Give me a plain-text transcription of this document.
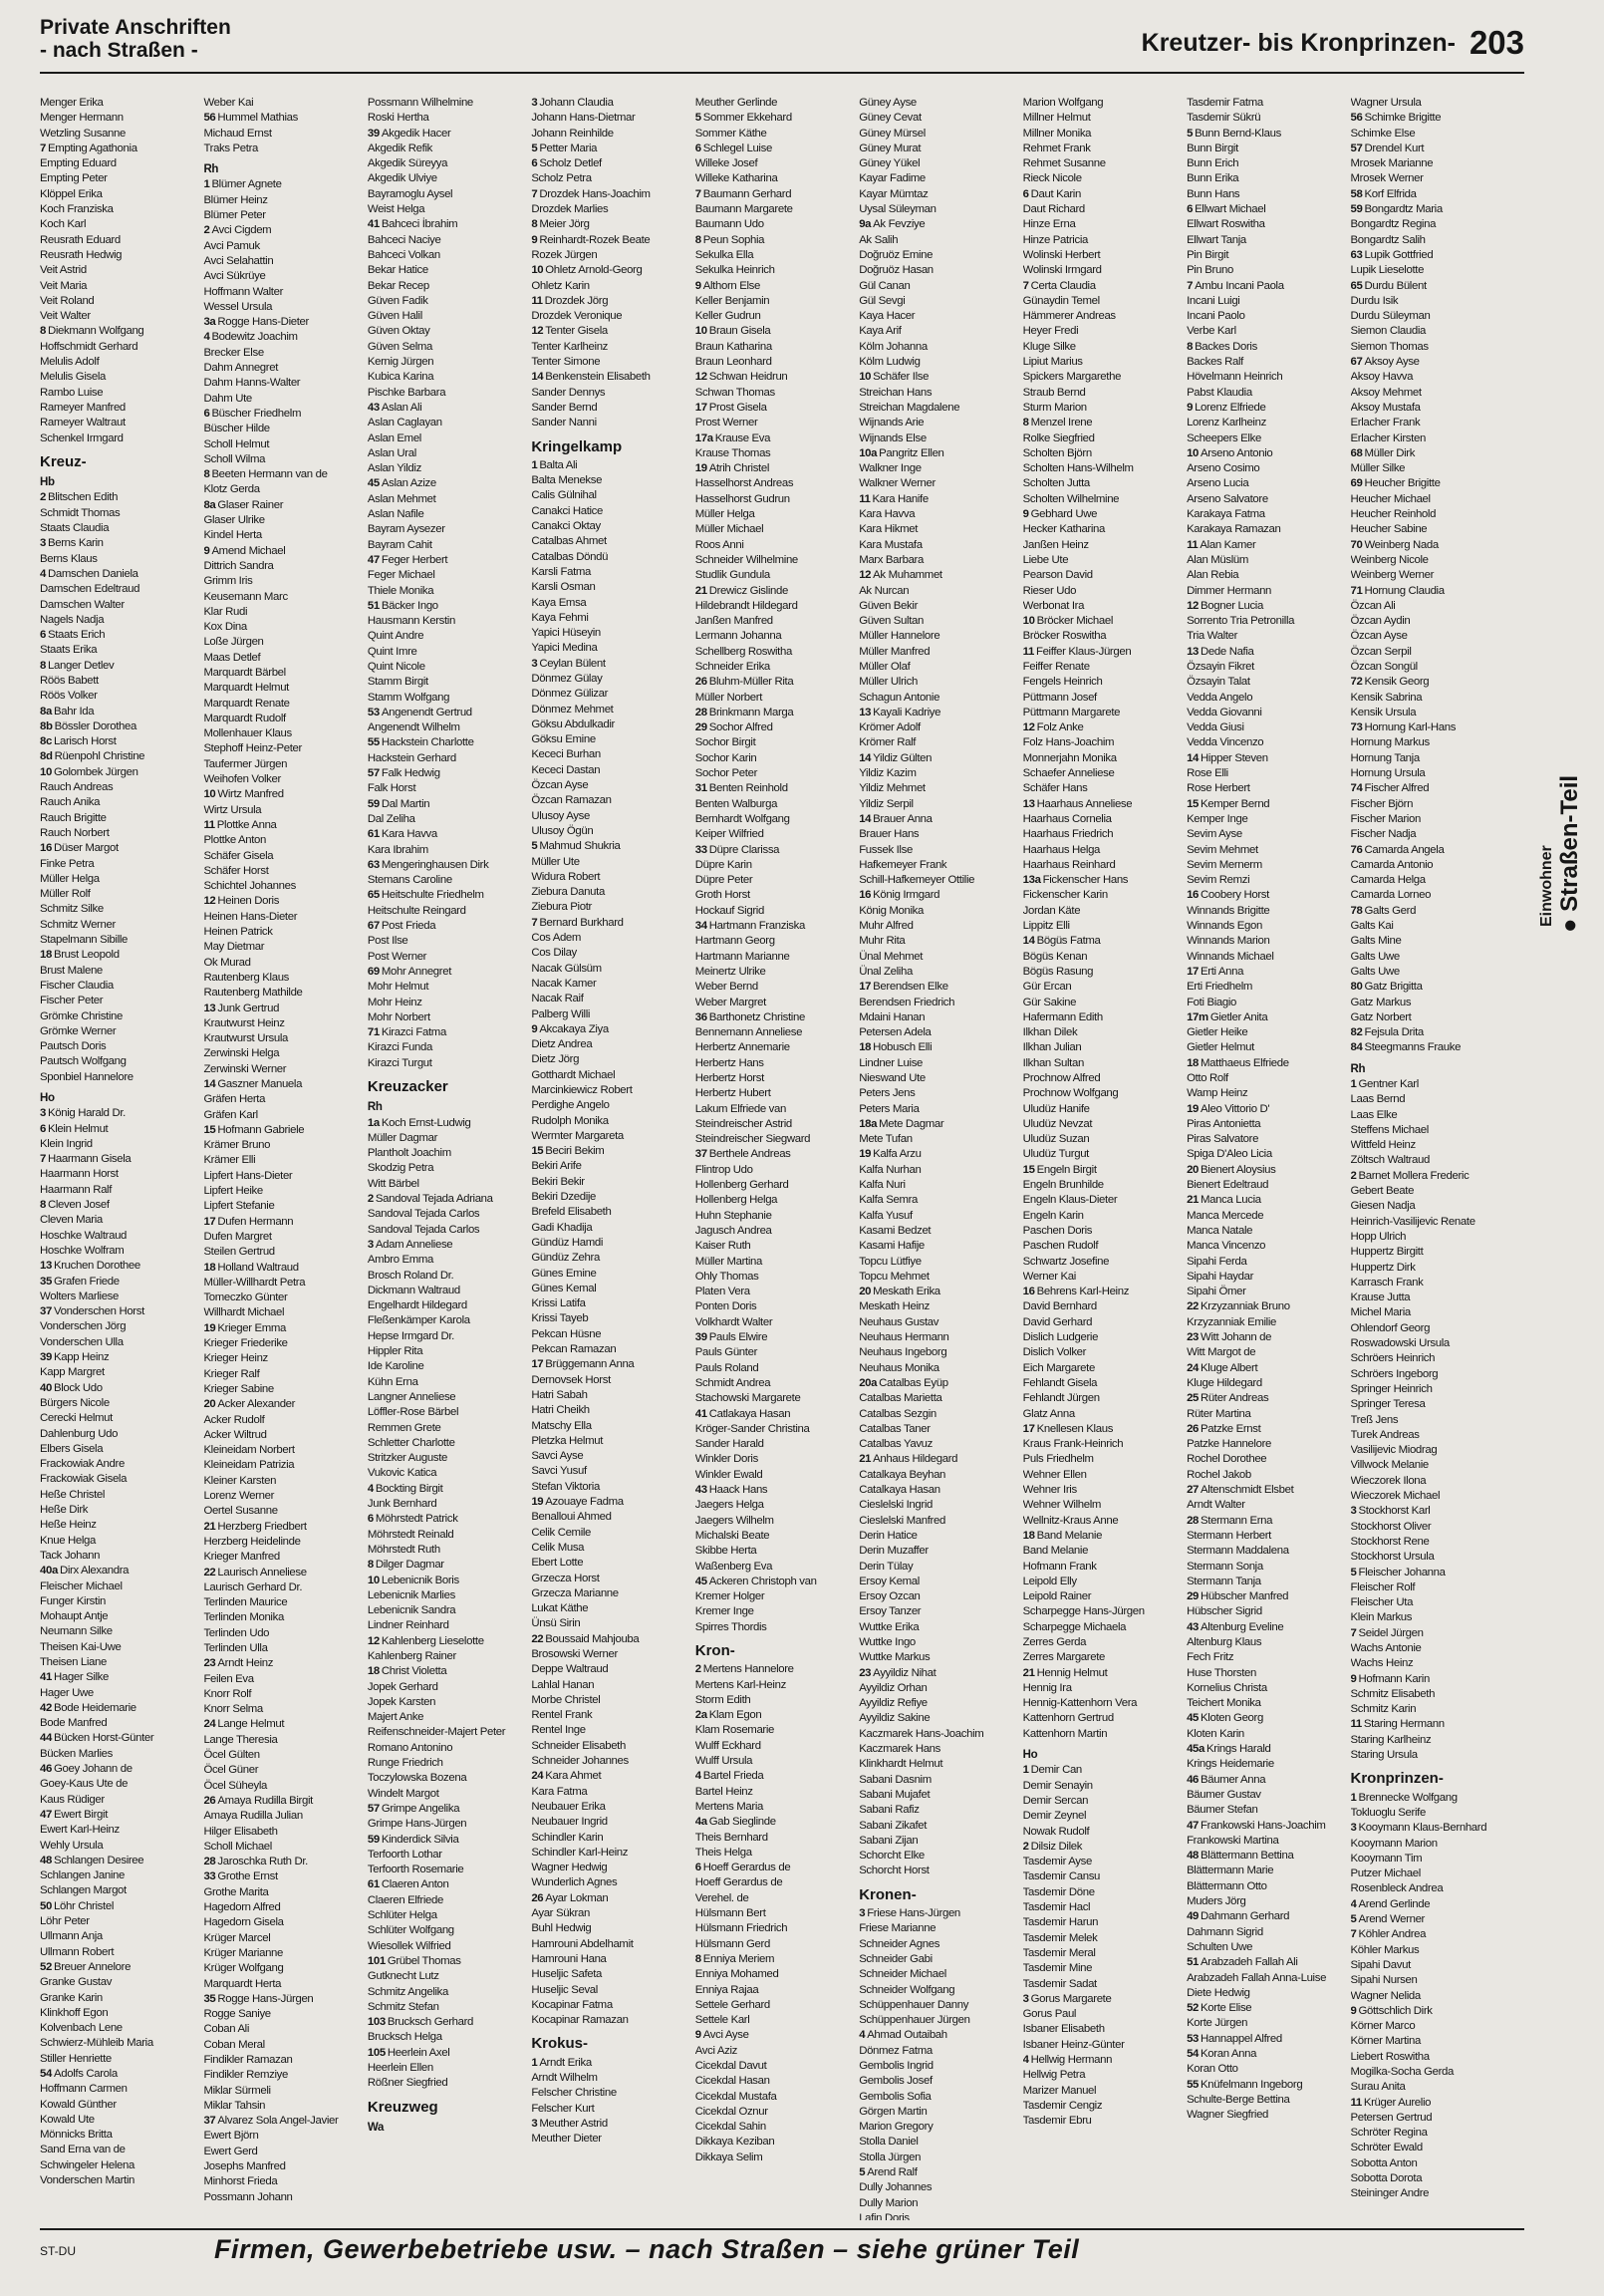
Private Anschriften
- nach Straßen -	Kreutzer- bis Kronprinzen- 203
Menger Erika
Menger Hermann
Wetzling Susanne
7 Empting Agathonia
Empting Eduard
Empting Peter
Klöppel Erika
Koch Franziska
Koch Karl
Reusrath Eduard
Reusrath Hedwig
Veit Astrid
Veit Maria
Veit Roland
Veit Walter
8 Diekmann Wolfgang
Hoffschmidt Gerhard
Melulis Adolf
Melulis Gisela
Rambo Luise
Rameyer Manfred
Rameyer Waltraut
Schenkel Irmgard
Kreuz-
Hb
2 Blitschen Edith
Schmidt Thomas
Staats Claudia
3 Berns Karin
Berns Klaus
4 Damschen Daniela
Damschen Edeltraud
Damschen Walter
Nagels Nadja
6 Staats Erich
Staats Erika
8 Langer Detlev
Röös Babett
Röös Volker
8a Bahr Ida
8b Bössler Dorothea
8c Larisch Horst
8d Rüenpohl Christine
10 Golombek Jürgen
Rauch Andreas
Rauch Anika
Rauch Brigitte
Rauch Norbert
16 Düser Margot
Finke Petra
Müller Helga
Müller Rolf
Schmitz Silke
Schmitz Werner
Stapelmann Sibille
18 Brust Leopold
Brust Malene
Fischer Claudia
Fischer Peter
Grömke Christine
Grömke Werner
Pautsch Doris
Pautsch Wolfgang
Sponbiel Hannelore
Ho
3 König Harald Dr.
6 Klein Helmut
Klein Ingrid
7 Haarmann Gisela
Haarmann Horst
Haarmann Ralf
8 Cleven Josef
Cleven Maria
Hoschke Waltraud
Hoschke Wolfram
13 Kruchen Dorothee
35 Grafen Friede
Wolters Marliese
37 Vonderschen Horst
Vonderschen Jörg
Vonderschen Ulla
39 Kapp Heinz
Kapp Margret
40 Block Udo
Bürgers Nicole
Cerecki Helmut
Dahlenburg Udo
Elbers Gisela
Frackowiak Andre
Frackowiak Gisela
Heße Christel
Heße Dirk
Heße Heinz
Knue Helga
Tack Johann
40a Dirx Alexandra
Fleischer Michael
Funger Kirstin
Mohaupt Antje
Neumann Silke
Theisen Kai-Uwe
Theisen Liane
41 Hager Silke
Hager Uwe
42 Bode Heidemarie
Bode Manfred
44 Bücken Horst-Günter
Bücken Marlies
46 Goey Johann de
Goey-Kaus Ute de
Kaus Rüdiger
47 Ewert Birgit
Ewert Karl-Heinz
Wehly Ursula
48 Schlangen Desiree
Schlangen Janine
Schlangen Margot
50 Löhr Christel
Löhr Peter
Ullmann Anja
Ullmann Robert
52 Breuer Annelore
Granke Gustav
Granke Karin
Klinkhoff Egon
Kolvenbach Lene
Schwierz-Mühleib Maria
Stiller Henriette
54 Adolfs Carola
Hoffmann Carmen
Kowald Günther
Kowald Ute
Mönnicks Britta
Sand Erna van de
Schwingeler Helena
Vonderschen Martin
Weber Kai
56 Hummel Mathias
Michaud Ernst
Traks Petra
Rh
1 Blümer Agnete
Blümer Heinz
Blümer Peter
2 Avci Cigdem
Avci Pamuk
Avci Selahattin
Avci Sükrüye
Hoffmann Walter
Wessel Ursula
3a Rogge Hans-Dieter
4 Bodewitz Joachim
Brecker Else
Dahm Annegret
Dahm Hanns-Walter
Dahm Ute
6 Büscher Friedhelm
Büscher Hilde
Scholl Helmut
Scholl Wilma
8 Beeten Hermann van de
Klotz Gerda
8a Glaser Rainer
Glaser Ulrike
Kindel Herta
9 Amend Michael
Dittrich Sandra
Grimm Iris
Keusemann Marc
Klar Rudi
Kox Dina
Loße Jürgen
Maas Detlef
Marquardt Bärbel
Marquardt Helmut
Marquardt Renate
Marquardt Rudolf
Mollenhauer Klaus
Stephoff Heinz-Peter
Taufermer Jürgen
Weihofen Volker
10 Wirtz Manfred
Wirtz Ursula
11 Plottke Anna
Plottke Anton
Schäfer Gisela
Schäfer Horst
Schichtel Johannes
12 Heinen Doris
Heinen Hans-Dieter
Heinen Patrick
May Dietmar
Ok Murad
Rautenberg Klaus
Rautenberg Mathilde
13 Junk Gertrud
Krautwurst Heinz
Krautwurst Ursula
Zerwinski Helga
Zerwinski Werner
14 Gaszner Manuela
Gräfen Herta
Gräfen Karl
15 Hofmann Gabriele
Krämer Bruno
Krämer Elli
Lipfert Hans-Dieter
Lipfert Heike
Lipfert Stefanie
17 Dufen Hermann
Dufen Margret
Steilen Gertrud
18 Holland Waltraud
Müller-Willhardt Petra
Tomeczko Günter
Willhardt Michael
19 Krieger Emma
Krieger Friederike
Krieger Heinz
Krieger Ralf
Krieger Sabine
20 Acker Alexander
Acker Rudolf
Acker Wiltrud
Kleineidam Norbert
Kleineidam Patrizia
Kleiner Karsten
Lorenz Werner
Oertel Susanne
21 Herzberg Friedbert
Herzberg Heidelinde
Krieger Manfred
22 Laurisch Anneliese
Laurisch Gerhard Dr.
Terlinden Maurice
Terlinden Monika
Terlinden Udo
Terlinden Ulla
23 Arndt Heinz
Feilen Eva
Knorr Rolf
Knorr Selma
24 Lange Helmut
Lange Theresia
Öcel Gülten
Öcel Güner
Öcel Süheyla
26 Amaya Rudilla Birgit
Amaya Rudilla Julian
Hilger Elisabeth
Scholl Michael
28 Jaroschka Ruth Dr.
33 Grothe Ernst
Grothe Marita
Hagedorn Alfred
Hagedorn Gisela
Krüger Marcel
Krüger Marianne
Krüger Wolfgang
Marquardt Herta
35 Rogge Hans-Jürgen
Rogge Saniye
Coban Ali
Coban Meral
Findikler Ramazan
Findikler Remziye
Miklar Sürmeli
Miklar Tahsin
37 Alvarez Sola Angel-Javier
Ewert Björn
Ewert Gerd
Josephs Manfred
Minhorst Frieda
Possmann Johann
Possmann Wilhelmine
Roski Hertha
39 Akgedik Hacer
Akgedik Refik
Akgedik Süreyya
Akgedik Ulviye
Bayramoglu Aysel
Weist Helga
41 Bahceci İbrahim
Bahceci Naciye
Bahceci Volkan
Bekar Hatice
Bekar Recep
Güven Fadik
Güven Halil
Güven Oktay
Güven Selma
Kernig Jürgen
Kubica Karina
Pischke Barbara
43 Aslan Ali
Aslan Caglayan
Aslan Emel
Aslan Ural
Aslan Yildiz
45 Aslan Azize
Aslan Mehmet
Aslan Nafile
Bayram Aysezer
Bayram Cahit
47 Feger Herbert
Feger Michael
Thiele Monika
51 Bäcker Ingo
Hausmann Kerstin
Quint Andre
Quint Imre
Quint Nicole
Stamm Birgit
Stamm Wolfgang
53 Angenendt Gertrud
Angenendt Wilhelm
55 Hackstein Charlotte
Hackstein Gerhard
57 Falk Hedwig
Falk Horst
59 Dal Martin
Dal Zeliha
61 Kara Havva
Kara Ibrahim
63 Mengeringhausen Dirk
Stemans Caroline
65 Heitschulte Friedhelm
Heitschulte Reingard
67 Post Frieda
Post Ilse
Post Werner
69 Mohr Annegret
Mohr Helmut
Mohr Heinz
Mohr Norbert
71 Kirazci Fatma
Kirazci Funda
Kirazci Turgut
Kreuzacker
Rh
1a Koch Ernst-Ludwig
Müller Dagmar
Plantholt Joachim
Skodzig Petra
Witt Bärbel
2 Sandoval Tejada Adriana
Sandoval Tejada Carlos
Sandoval Tejada Carlos
3 Adam Anneliese
Ambro Emma
Brosch Roland Dr.
Dickmann Waltraud
Engelhardt Hildegard
Fleßenkämper Karola
Hepse Irmgard Dr.
Hippler Rita
Ide Karoline
Kühn Erna
Langner Anneliese
Löffler-Rose Bärbel
Remmen Grete
Schletter Charlotte
Stritzker Auguste
Vukovic Katica
4 Bockting Birgit
Junk Bernhard
6 Möhrstedt Patrick
Möhrstedt Reinald
Möhrstedt Ruth
8 Dilger Dagmar
10 Lebenicnik Boris
Lebenicnik Marlies
Lebenicnik Sandra
Lindner Reinhard
12 Kahlenberg Lieselotte
Kahlenberg Rainer
18 Christ Violetta
Jopek Gerhard
Jopek Karsten
Majert Anke
Reifenschneider-Majert Peter
Romano Antonino
Runge Friedrich
Toczylowska Bozena
Windelt Margot
57 Grimpe Angelika
Grimpe Hans-Jürgen
59 Kinderdick Silvia
Terfoorth Lothar
Terfoorth Rosemarie
61 Claeren Anton
Claeren Elfriede
Schlüter Helga
Schlüter Wolfgang
Wiesollek Wilfried
101 Grübel Thomas
Gutknecht Lutz
Schmitz Angelika
Schmitz Stefan
103 Brucksch Gerhard
Brucksch Helga
105 Heerlein Axel
Heerlein Ellen
Rößner Siegfried
Kreuzweg
Wa
3 Johann Claudia
Johann Hans-Dietmar
Johann Reinhilde
5 Petter Maria
6 Scholz Detlef
Scholz Petra
7 Drozdek Hans-Joachim
Drozdek Marlies
8 Meier Jörg
9 Reinhardt-Rozek Beate
Rozek Jürgen
10 Ohletz Arnold-Georg
Ohletz Karin
11 Drozdek Jörg
Drozdek Veronique
12 Tenter Gisela
Tenter Karlheinz
Tenter Simone
14 Benkenstein Elisabeth
Sander Dennys
Sander Bernd
Sander Nanni
Kringelkamp
1 Balta Ali
Balta Menekse
Calis Gülnihal
Canakci Hatice
Canakci Oktay
Catalbas Ahmet
Catalbas Döndü
Karsli Fatma
Karsli Osman
Kaya Emsa
Kaya Fehmi
Yapici Hüseyin
Yapici Medina
3 Ceylan Bülent
Dönmez Gülay
Dönmez Gülizar
Dönmez Mehmet
Göksu Abdulkadir
Göksu Emine
Kececi Burhan
Kececi Dastan
Özcan Ayse
Özcan Ramazan
Ulusoy Ayse
Ulusoy Ögün
5 Mahmud Shukria
Müller Ute
Widura Robert
Ziebura Danuta
Ziebura Piotr
7 Bernard Burkhard
Cos Adem
Cos Dilay
Nacak Gülsüm
Nacak Kamer
Nacak Raif
Palberg Willi
9 Akcakaya Ziya
Dietz Andrea
Dietz Jörg
Gotthardt Michael
Marcinkiewicz Robert
Perdighe Angelo
Rudolph Monika
Wermter Margareta
15 Beciri Bekim
Bekiri Arife
Bekiri Bekir
Bekiri Dzedije
Brefeld Elisabeth
Gadi Khadija
Gündüz Hamdi
Gündüz Zehra
Günes Emine
Günes Kemal
Krissi Latifa
Krissi Tayeb
Pekcan Hüsne
Pekcan Ramazan
17 Brüggemann Anna
Dernovsek Horst
Hatri Sabah
Hatri Cheikh
Matschy Ella
Pletzka Helmut
Savci Ayse
Savci Yusuf
Stefan Viktoria
19 Azouaye Fadma
Benalloui Ahmed
Celik Cemile
Celik Musa
Ebert Lotte
Grzecza Horst
Grzecza Marianne
Lukat Käthe
Ünsü Sirin
22 Boussaid Mahjouba
Brosowski Werner
Deppe Waltraud
Lahlal Hanan
Morbe Christel
Rentel Frank
Rentel Inge
Schneider Elisabeth
Schneider Johannes
24 Kara Ahmet
Kara Fatma
Neubauer Erika
Neubauer Ingrid
Schindler Karin
Schindler Karl-Heinz
Wagner Hedwig
Wunderlich Agnes
26 Ayar Lokman
Ayar Sükran
Buhl Hedwig
Hamrouni Abdelhamit
Hamrouni Hana
Huseljic Safeta
Huseljic Seval
Kocapinar Fatma
Kocapinar Ramazan
Krokus-
1 Arndt Erika
Arndt Wilhelm
Felscher Christine
Felscher Kurt
3 Meuther Astrid
Meuther Dieter
Meuther Gerlinde
5 Sommer Ekkehard
Sommer Käthe
6 Schlegel Luise
Willeke Josef
Willeke Katharina
7 Baumann Gerhard
Baumann Margarete
Baumann Udo
8 Peun Sophia
Sekulka Ella
Sekulka Heinrich
9 Althorn Else
Keller Benjamin
Keller Gudrun
10 Braun Gisela
Braun Katharina
Braun Leonhard
12 Schwan Heidrun
Schwan Thomas
17 Prost Gisela
Prost Werner
17a Krause Eva
Krause Thomas
19 Atrih Christel
Hasselhorst Andreas
Hasselhorst Gudrun
Müller Helga
Müller Michael
Roos Anni
Schneider Wilhelmine
Studlik Gundula
21 Drewicz Gislinde
Hildebrandt Hildegard
Janßen Manfred
Lermann Johanna
Schellberg Roswitha
Schneider Erika
26 Bluhm-Müller Rita
Müller Norbert
28 Brinkmann Marga
29 Sochor Alfred
Sochor Birgit
Sochor Karin
Sochor Peter
31 Benten Reinhold
Benten Walburga
Bernhardt Wolfgang
Keiper Wilfried
33 Düpre Clarissa
Düpre Karin
Düpre Peter
Groth Horst
Hockauf Sigrid
34 Hartmann Franziska
Hartmann Georg
Hartmann Marianne
Meinertz Ulrike
Weber Bernd
Weber Margret
36 Barthonetz Christine
Bennemann Anneliese
Herbertz Annemarie
Herbertz Hans
Herbertz Horst
Herbertz Hubert
Lakum Elfriede van
Steindreischer Astrid
Steindreischer Siegward
37 Berthele Andreas
Flintrop Udo
Hollenberg Gerhard
Hollenberg Helga
Huhn Stephanie
Jagusch Andrea
Kaiser Ruth
Müller Martina
Ohly Thomas
Platen Vera
Ponten Doris
Volkhardt Walter
39 Pauls Elwire
Pauls Günter
Pauls Roland
Schmidt Andrea
Stachowski Margarete
41 Catlakaya Hasan
Kröger-Sander Christina
Sander Harald
Winkler Doris
Winkler Ewald
43 Haack Hans
Jaegers Helga
Jaegers Wilhelm
Michalski Beate
Skibbe Herta
Waßenberg Eva
45 Ackeren Christoph van
Kremer Holger
Kremer Inge
Spirres Thordis
Kron-
2 Mertens Hannelore
Mertens Karl-Heinz
Storm Edith
2a Klam Egon
Klam Rosemarie
Wulff Eckhard
Wulff Ursula
4 Bartel Frieda
Bartel Heinz
Mertens Maria
4a Gab Sieglinde
Theis Bernhard
Theis Helga
6 Hoeff Gerardus de
Hoeff Gerardus de
Verehel. de
Hülsmann Bert
Hülsmann Friedrich
Hülsmann Gerd
8 Enniya Meriem
Enniya Mohamed
Enniya Rajaa
Settele Gerhard
Settele Karl
9 Avci Ayse
Avci Aziz
Cicekdal Davut
Cicekdal Hasan
Cicekdal Mustafa
Cicekdal Oznur
Cicekdal Sahin
Dikkaya Keziban
Dikkaya Selim
Güney Ayse
Güney Cevat
Güney Mürsel
Güney Murat
Güney Yükel
Kayar Fadime
Kayar Mümtaz
Uysal Süleyman
9a Ak Fevziye
Ak Salih
Doğruöz Emine
Doğruöz Hasan
Gül Canan
Gül Sevgi
Kaya Hacer
Kaya Arif
Kölm Johanna
Kölm Ludwig
10 Schäfer Ilse
Streichan Hans
Streichan Magdalene
Wijnands Arie
Wijnands Else
10a Pangritz Ellen
Walkner Inge
Walkner Werner
11 Kara Hanife
Kara Havva
Kara Hikmet
Kara Mustafa
Marx Barbara
12 Ak Muhammet
Ak Nurcan
Güven Bekir
Güven Sultan
Müller Hannelore
Müller Manfred
Müller Olaf
Müller Ulrich
Schagun Antonie
13 Kayali Kadriye
Krömer Adolf
Krömer Ralf
14 Yildiz Gülten
Yildiz Kazim
Yildiz Mehmet
Yildiz Serpil
14 Brauer Anna
Brauer Hans
Fussek Ilse
Hafkemeyer Frank
Schill-Hafkemeyer Ottilie
16 König Irmgard
König Monika
Muhr Alfred
Muhr Rita
Ünal Mehmet
Ünal Zeliha
17 Berendsen Elke
Berendsen Friedrich
Mdaini Hanan
Petersen Adela
18 Hobusch Elli
Lindner Luise
Nieswand Ute
Peters Jens
Peters Maria
18a Mete Dagmar
Mete Tufan
19 Kalfa Arzu
Kalfa Nurhan
Kalfa Nuri
Kalfa Semra
Kalfa Yusuf
Kasami Bedzet
Kasami Hafije
Topcu Lütfiye
Topcu Mehmet
20 Meskath Erika
Meskath Heinz
Neuhaus Gustav
Neuhaus Hermann
Neuhaus Ingeborg
Neuhaus Monika
20a Catalbas Eyüp
Catalbas Marietta
Catalbas Sezgin
Catalbas Taner
Catalbas Yavuz
21 Anhaus Hildegard
Catalkaya Beyhan
Catalkaya Hasan
Cieslelski Ingrid
Cieslelski Manfred
Derin Hatice
Derin Muzaffer
Derin Tülay
Ersoy Kemal
Ersoy Ozcan
Ersoy Tanzer
Wuttke Erika
Wuttke Ingo
Wuttke Markus
23 Ayyildiz Nihat
Ayyildiz Orhan
Ayyildiz Refiye
Ayyildiz Sakine
Kaczmarek Hans-Joachim
Kaczmarek Hans
Klinkhardt Helmut
Sabani Dasnim
Sabani Mujafet
Sabani Rafiz
Sabani Zikafet
Sabani Zijan
Schorcht Elke
Schorcht Horst
Kronen-
3 Friese Hans-Jürgen
Friese Marianne
Schneider Agnes
Schneider Gabi
Schneider Michael
Schneider Wolfgang
Schüppenhauer Danny
Schüppenhauer Jürgen
4 Ahmad Outaibah
Dönmez Fatma
Gembolis Ingrid
Gembolis Josef
Gembolis Sofia
Görgen Martin
Marion Gregory
Stolla Daniel
Stolla Jürgen
5 Arend Ralf
Dully Johannes
Dully Marion
Lafin Doris
Marion Wolfgang
Millner Helmut
Millner Monika
Rehmet Frank
Rehmet Susanne
Rieck Nicole
6 Daut Karin
Daut Richard
Hinze Erna
Hinze Patricia
Wolinski Herbert
Wolinski Irmgard
7 Certa Claudia
Günaydin Temel
Hämmerer Andreas
Heyer Fredi
Kluge Silke
Lipiut Marius
Spickers Margarethe
Straub Bernd
Sturm Marion
8 Menzel Irene
Rolke Siegfried
Scholten Björn
Scholten Hans-Wilhelm
Scholten Jutta
Scholten Wilhelmine
9 Gebhard Uwe
Hecker Katharina
Janßen Heinz
Liebe Ute
Pearson David
Rieser Udo
Werbonat Ira
10 Bröcker Michael
Bröcker Roswitha
11 Feiffer Klaus-Jürgen
Feiffer Renate
Fengels Heinrich
Püttmann Josef
Püttmann Margarete
12 Folz Anke
Folz Hans-Joachim
Monnerjahn Monika
Schaefer Anneliese
Schäfer Hans
13 Haarhaus Anneliese
Haarhaus Cornelia
Haarhaus Friedrich
Haarhaus Helga
Haarhaus Reinhard
13a Fickenscher Hans
Fickenscher Karin
Jordan Käte
Lippitz Elli
14 Bögüs Fatma
Bögüs Kenan
Bögüs Rasung
Gür Ercan
Gür Sakine
Hafermann Edith
Ilkhan Dilek
Ilkhan Julian
Ilkhan Sultan
Prochnow Alfred
Prochnow Wolfgang
Uludüz Hanife
Uludüz Nevzat
Uludüz Suzan
Uludüz Turgut
15 Engeln Birgit
Engeln Brunhilde
Engeln Klaus-Dieter
Engeln Karin
Paschen Doris
Paschen Rudolf
Schwartz Josefine
Werner Kai
16 Behrens Karl-Heinz
David Bernhard
David Gerhard
Dislich Ludgerie
Dislich Volker
Eich Margarete
Fehlandt Gisela
Fehlandt Jürgen
Glatz Anna
17 Knellesen Klaus
Kraus Frank-Heinrich
Puls Friedhelm
Wehner Ellen
Wehner Iris
Wehner Wilhelm
Wellnitz-Kraus Anne
18 Band Melanie
Band Melanie
Hofmann Frank
Leipold Elly
Leipold Rainer
Scharpegge Hans-Jürgen
Scharpegge Michaela
Zerres Gerda
Zerres Margarete
21 Hennig Helmut
Hennig Ira
Hennig-Kattenhorn Vera
Kattenhorn Gertrud
Kattenhorn Martin
Ho
1 Demir Can
Demir Senayin
Demir Sercan
Demir Zeynel
Nowak Rudolf
2 Dilsiz Dilek
Tasdemir Ayse
Tasdemir Cansu
Tasdemir Döne
Tasdemir Hacl
Tasdemir Harun
Tasdemir Melek
Tasdemir Meral
Tasdemir Mine
Tasdemir Sadat
3 Gorus Margarete
Gorus Paul
Isbaner Elisabeth
Isbaner Heinz-Günter
4 Hellwig Hermann
Hellwig Petra
Marizer Manuel
Tasdemir Cengiz
Tasdemir Ebru
Tasdemir Fatma
Tasdemir Sükrü
5 Bunn Bernd-Klaus
Bunn Birgit
Bunn Erich
Bunn Erika
Bunn Hans
6 Ellwart Michael
Ellwart Roswitha
Ellwart Tanja
Pin Birgit
Pin Bruno
7 Ambu Incani Paola
Incani Luigi
Incani Paolo
Verbe Karl
8 Backes Doris
Backes Ralf
Hövelmann Heinrich
Pabst Klaudia
9 Lorenz Elfriede
Lorenz Karlheinz
Scheepers Elke
10 Arseno Antonio
Arseno Cosimo
Arseno Lucia
Arseno Salvatore
Karakaya Fatma
Karakaya Ramazan
11 Alan Kamer
Alan Müslüm
Alan Rebia
Dimmer Hermann
12 Bogner Lucia
Sorrento Tria Petronilla
Tria Walter
13 Dede Nafia
Özsayin Fikret
Özsayin Talat
Vedda Angelo
Vedda Giovanni
Vedda Giusi
Vedda Vincenzo
14 Hipper Steven
Rose Elli
Rose Herbert
15 Kemper Bernd
Kemper Inge
Sevim Ayse
Sevim Mehmet
Sevim Mernerm
Sevim Remzi
16 Coobery Horst
Winnands Brigitte
Winnands Egon
Winnands Marion
Winnands Michael
17 Erti Anna
Erti Friedhelm
Foti Biagio
17m Gietler Anita
Gietler Heike
Gietler Helmut
18 Matthaeus Elfriede
Otto Rolf
Wamp Heinz
19 Aleo Vittorio D'
Piras Antonietta
Piras Salvatore
Spiga D'Aleo Licia
20 Bienert Aloysius
Bienert Edeltraud
21 Manca Lucia
Manca Mercede
Manca Natale
Manca Vincenzo
Sipahi Ferda
Sipahi Haydar
Sipahi Ömer
22 Krzyzanniak Bruno
Krzyzanniak Emilie
23 Witt Johann de
Witt Margot de
24 Kluge Albert
Kluge Hildegard
25 Rüter Andreas
Rüter Martina
26 Patzke Ernst
Patzke Hannelore
Rochel Dorothee
Rochel Jakob
27 Altenschmidt Elsbet
Arndt Walter
28 Stermann Erna
Stermann Herbert
Stermann Maddalena
Stermann Sonja
Stermann Tanja
29 Hübscher Manfred
Hübscher Sigrid
43 Altenburg Eveline
Altenburg Klaus
Fech Fritz
Huse Thorsten
Kornelius Christa
Teichert Monika
45 Kloten Georg
Kloten Karin
45a Krings Harald
Krings Heidemarie
46 Bäumer Anna
Bäumer Gustav
Bäumer Stefan
47 Frankowski Hans-Joachim
Frankowski Martina
48 Blättermann Bettina
Blättermann Marie
Blättermann Otto
Muders Jörg
49 Dahmann Gerhard
Dahmann Sigrid
Schulten Uwe
51 Arabzadeh Fallah Ali
Arabzadeh Fallah Anna-Luise
Diete Hedwig
52 Korte Elise
Korte Jürgen
53 Hannappel Alfred
54 Koran Anna
Koran Otto
55 Knüfelmann Ingeborg
Schulte-Berge Bettina
Wagner Siegfried
Wagner Ursula
56 Schimke Brigitte
Schimke Else
57 Drendel Kurt
Mrosek Marianne
Mrosek Werner
58 Korf Elfrida
59 Bongardtz Maria
Bongardtz Regina
Bongardtz Salih
63 Lupik Gottfried
Lupik Lieselotte
65 Durdu Bülent
Durdu Isik
Durdu Süleyman
Siemon Claudia
Siemon Thomas
67 Aksoy Ayse
Aksoy Havva
Aksoy Mehmet
Aksoy Mustafa
Erlacher Frank
Erlacher Kirsten
68 Müller Dirk
Müller Silke
69 Heucher Brigitte
Heucher Michael
Heucher Reinhold
Heucher Sabine
70 Weinberg Nada
Weinberg Nicole
Weinberg Werner
71 Hornung Claudia
Özcan Ali
Özcan Aydin
Özcan Ayse
Özcan Serpil
Özcan Songül
72 Kensik Georg
Kensik Sabrina
Kensik Ursula
73 Hornung Karl-Hans
Hornung Markus
Hornung Tanja
Hornung Ursula
74 Fischer Alfred
Fischer Björn
Fischer Marion
Fischer Nadja
76 Camarda Angela
Camarda Antonio
Camarda Helga
Camarda Lorneo
78 Galts Gerd
Galts Kai
Galts Mine
Galts Uwe
Galts Uwe
80 Gatz Brigitta
Gatz Markus
Gatz Norbert
82 Fejsula Drita
84 Steegmanns Frauke
Rh
1 Gentner Karl
Laas Bernd
Laas Elke
Steffens Michael
Wittfeld Heinz
Zöltsch Waltraud
2 Barnet Mollera Frederic
Gebert Beate
Giesen Nadja
Heinrich-Vasilijevic Renate
Hopp Ulrich
Huppertz Birgitt
Huppertz Dirk
Karrasch Frank
Krause Jutta
Michel Maria
Ohlendorf Georg
Roswadowski Ursula
Schröers Heinrich
Schröers Ingeborg
Springer Heinrich
Springer Teresa
Treß Jens
Turek Andreas
Vasilijevic Miodrag
Villwock Melanie
Wieczorek Ilona
Wieczorek Michael
3 Stockhorst Karl
Stockhorst Oliver
Stockhorst Rene
Stockhorst Ursula
5 Fleischer Johanna
Fleischer Rolf
Fleischer Uta
Klein Markus
7 Seidel Jürgen
Wachs Antonie
Wachs Heinz
9 Hofmann Karin
Schmitz Elisabeth
Schmitz Karin
11 Staring Hermann
Staring Karlheinz
Staring Ursula
Kronprinzen-
1 Brennecke Wolfgang
Tokluoglu Serife
3 Kooymann Klaus-Bernhard
Kooymann Marion
Kooymann Tim
Putzer Michael
Rosenbleck Andrea
4 Arend Gerlinde
5 Arend Werner
7 Köhler Andrea
Köhler Markus
Sipahi Davut
Sipahi Nursen
Wagner Nelida
9 Göttschlich Dirk
Körner Marco
Körner Martina
Liebert Roswitha
Mogilka-Socha Gerda
Surau Anita
11 Krüger Aurelio
Petersen Gertrud
Schröter Regina
Schröter Ewald
Sobotta Anton
Sobotta Dorota
Steininger Andre
Einwohner ● Straßen-Teil
ST-DU	Firmen, Gewerbebetriebe usw. – nach Straßen – siehe grüner Teil
